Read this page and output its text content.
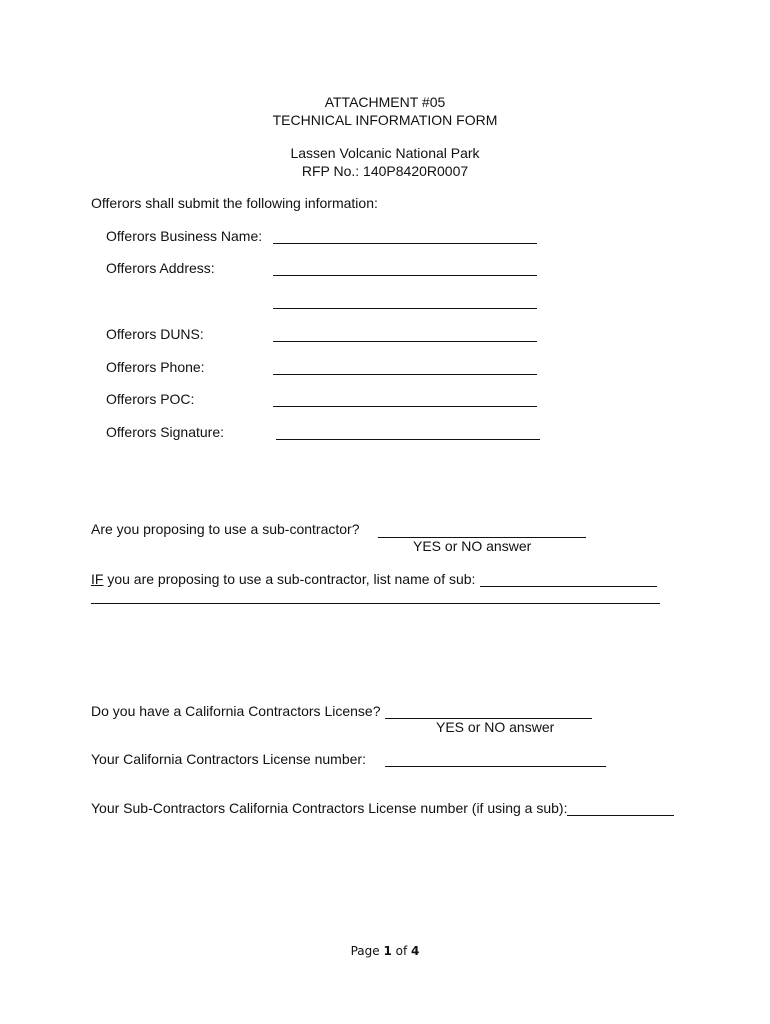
ATTACHMENT #05
TECHNICAL INFORMATION FORM
Lassen Volcanic National Park
RFP No.: 140P8420R0007
Offerors shall submit the following information:
Offerors Business Name:
Offerors Address:
Offerors DUNS:
Offerors Phone:
Offerors POC:
Offerors Signature:
Are you proposing to use a sub-contractor?
YES or NO answer
IF you are proposing to use a sub-contractor, list name of sub:
Do you have a California Contractors License?
YES or NO answer
Your California Contractors License number:
Your Sub-Contractors California Contractors License number (if using a sub):
Page 1 of 4
